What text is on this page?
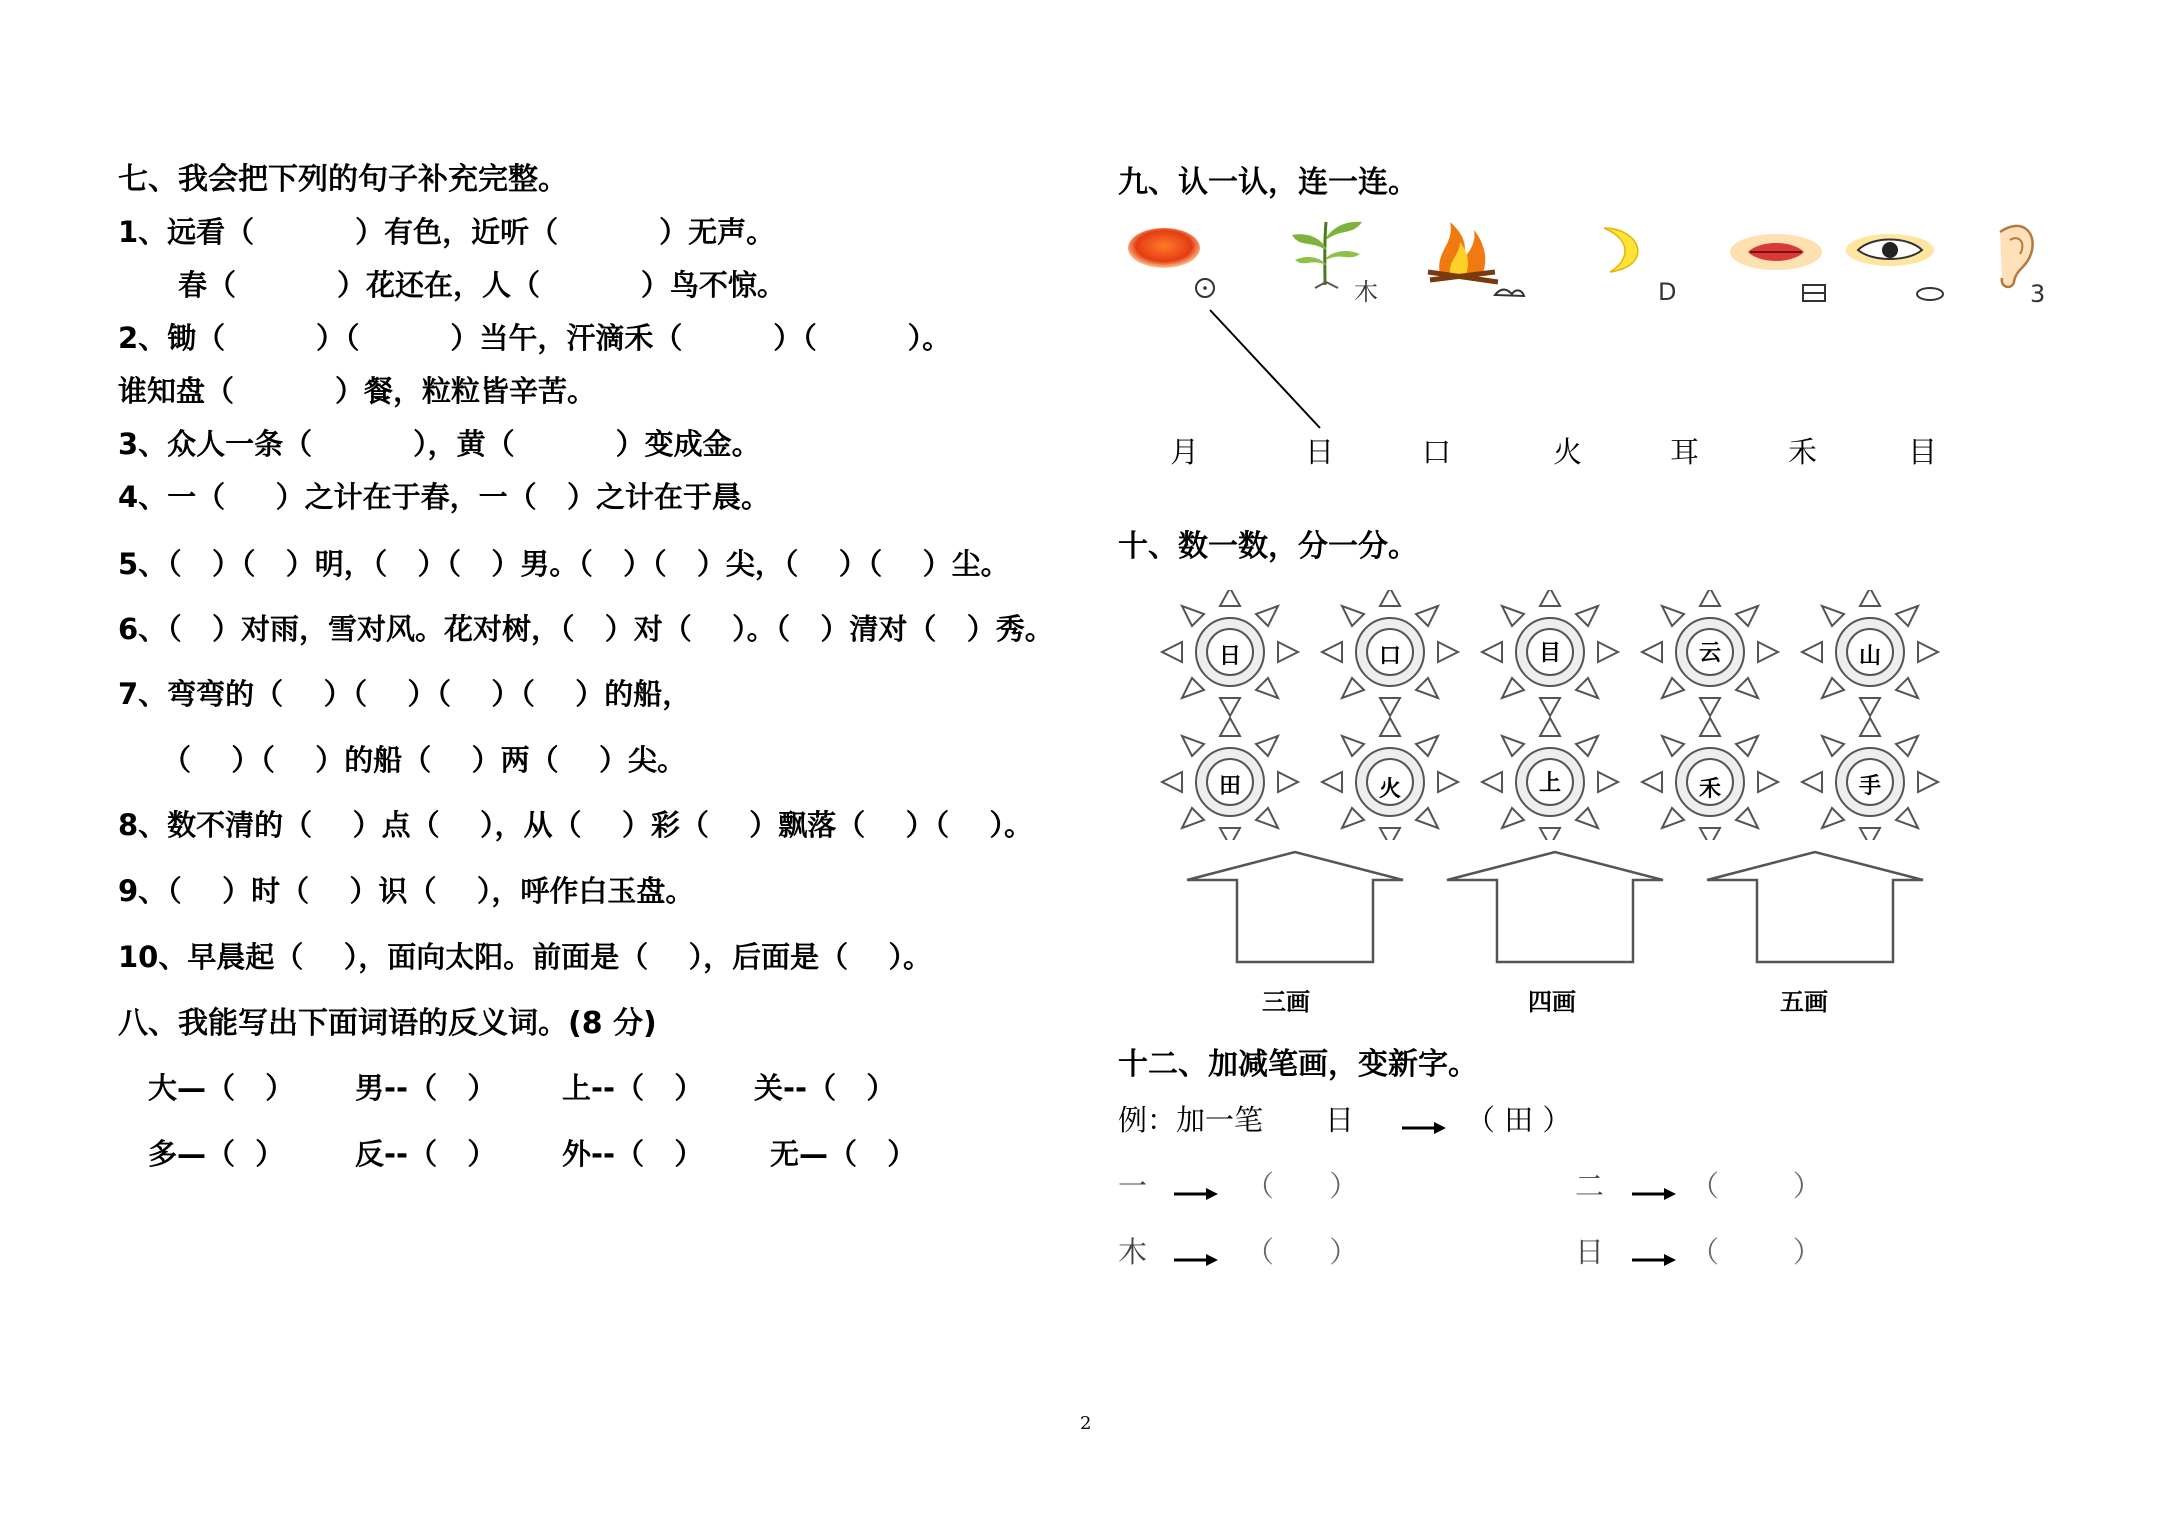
七、我会把下列的句子补充完整。
1、远看（          ）有色，近听（          ）无声。
春（          ）花还在，人（          ）鸟不惊。
2、锄（         ）（         ）当午，汗滴禾（         ）（         ）。
谁知盘（          ）餐，粒粒皆辛苦。
3、众人一条（          ），黄（          ）变成金。
4、一（     ）之计在于春，一（   ）之计在于晨。
5、（   ）（   ）明，（   ）（   ）男。（   ）（   ）尖，（    ）（    ）尘。
6、（   ）对雨，雪对风。花对树，（   ）对（    ）。（   ）清对（   ）秀。
7、弯弯的（    ）（    ）（    ）（    ）的船，
（    ）（    ）的船（    ）两（    ）尖。
8、数不清的（    ）点（    ），从（    ）彩（    ）飘落（    ）（    ）。
9、（    ）时（    ）识（    ），呼作白玉盘。
10、早晨起（    ），面向太阳。前面是（    ），后面是（    ）。
八、我能写出下面词语的反义词。(8 分)
大—（   ） 男--（   ） 上--（   ） 关--（   ）
多—（  ） 反--（   ） 外--（   ） 无—（   ）
九、认一认，连一连。
木	D	3
月	日	口	火	耳	禾	目
十、数一数，分一分。
日	口	目	云	山
田	火	上	禾	手
三画	四画	五画
十二、加减笔画，变新字。
例：加一笔 日	（ 田 ）
一	（      ）	二	（        ）
木	（      ）	日	（        ）
2
